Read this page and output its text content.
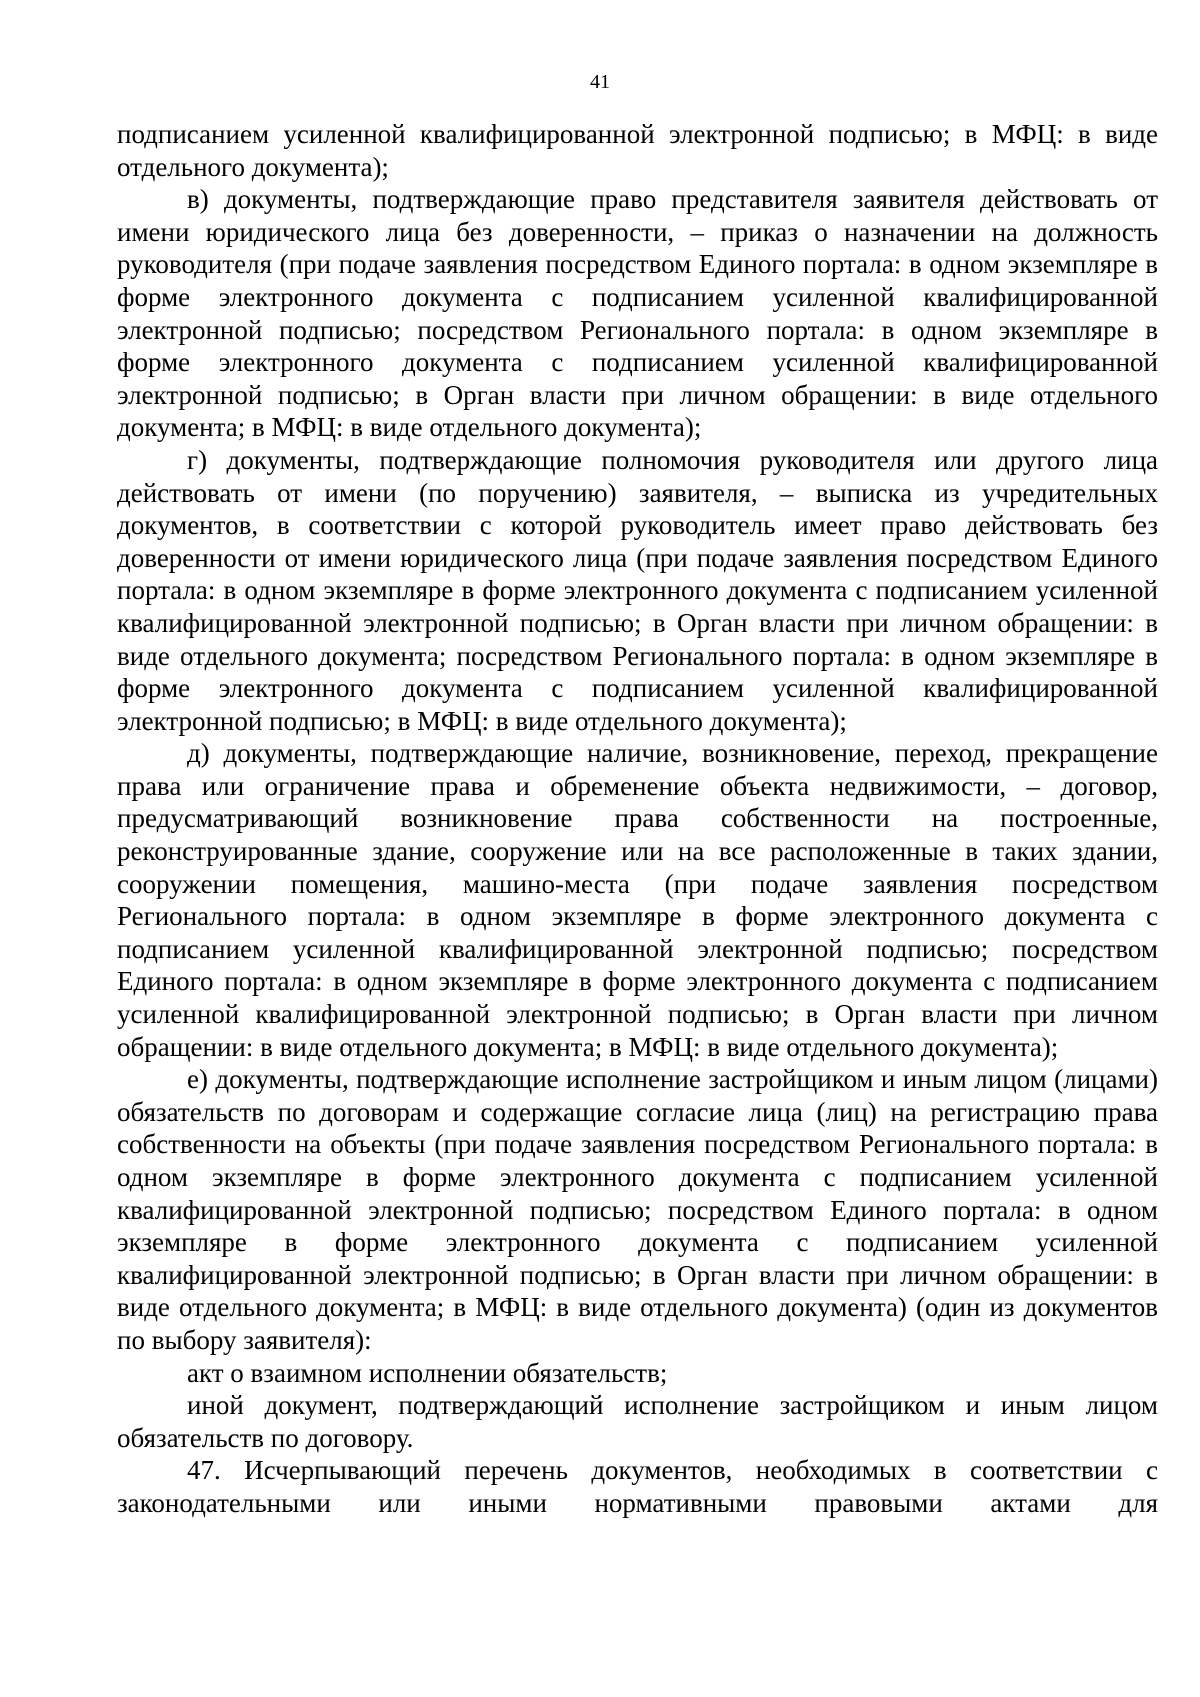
41

подписанием усиленной квалифицированной электронной подписью; в МФЦ: в виде отдельного документа);

в) документы, подтверждающие право представителя заявителя действовать от имени юридического лица без доверенности, – приказ о назначении на должность руководителя (при подаче заявления посредством Единого портала: в одном экземпляре в форме электронного документа с подписанием усиленной квалифицированной электронной подписью; посредством Регионального портала: в одном экземпляре в форме электронного документа с подписанием усиленной квалифицированной электронной подписью; в Орган власти при личном обращении: в виде отдельного документа; в МФЦ: в виде отдельного документа);

г) документы, подтверждающие полномочия руководителя или другого лица действовать от имени (по поручению) заявителя, – выписка из учредительных документов, в соответствии с которой руководитель имеет право действовать без доверенности от имени юридического лица (при подаче заявления посредством Единого портала: в одном экземпляре в форме электронного документа с подписанием усиленной квалифицированной электронной подписью; в Орган власти при личном обращении: в виде отдельного документа; посредством Регионального портала: в одном экземпляре в форме электронного документа с подписанием усиленной квалифицированной электронной подписью; в МФЦ: в виде отдельного документа);

д) документы, подтверждающие наличие, возникновение, переход, прекращение права или ограничение права и обременение объекта недвижимости, – договор, предусматривающий возникновение права собственности на построенные, реконструированные здание, сооружение или на все расположенные в таких здании, сооружении помещения, машино-места (при подаче заявления посредством Регионального портала: в одном экземпляре в форме электронного документа с подписанием усиленной квалифицированной электронной подписью; посредством Единого портала: в одном экземпляре в форме электронного документа с подписанием усиленной квалифицированной электронной подписью; в Орган власти при личном обращении: в виде отдельного документа; в МФЦ: в виде отдельного документа);

е) документы, подтверждающие исполнение застройщиком и иным лицом (лицами) обязательств по договорам и содержащие согласие лица (лиц) на регистрацию права собственности на объекты (при подаче заявления посредством Регионального портала: в одном экземпляре в форме электронного документа с подписанием усиленной квалифицированной электронной подписью; посредством Единого портала: в одном экземпляре в форме электронного документа с подписанием усиленной квалифицированной электронной подписью; в Орган власти при личном обращении: в виде отдельного документа; в МФЦ: в виде отдельного документа) (один из документов по выбору заявителя):

акт о взаимном исполнении обязательств;

иной документ, подтверждающий исполнение застройщиком и иным лицом обязательств по договору.

47. Исчерпывающий перечень документов, необходимых в соответствии с законодательными или иными нормативными правовыми актами для
